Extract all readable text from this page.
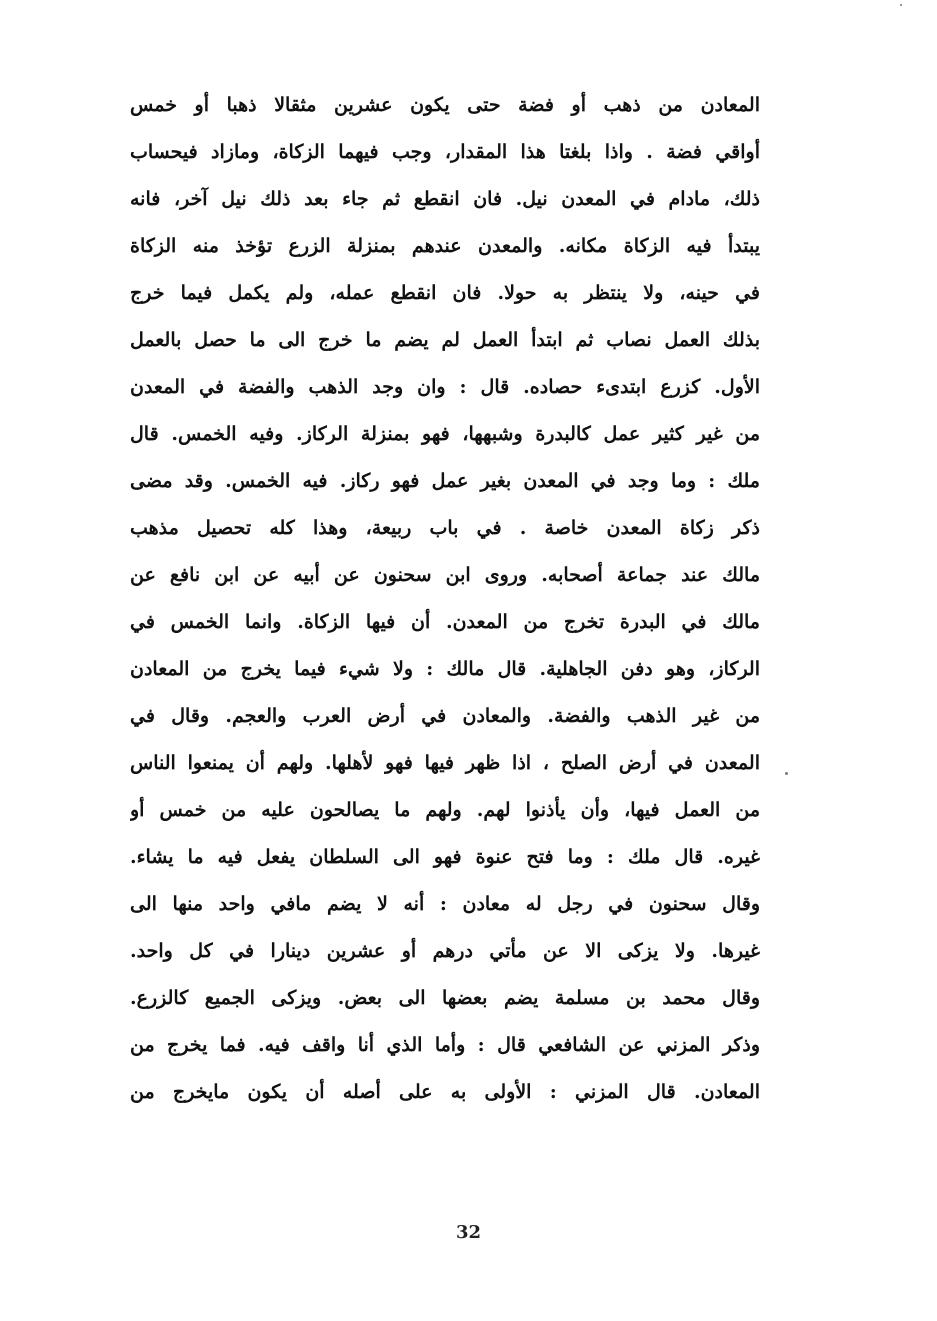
المعادن من ذهب أو فضة حتى يكون عشرين مثقالا ذهبا أو خمس
أواقي فضة . واذا بلغتا هذا المقدار، وجب فيهما الزكاة، ومازاد فيحساب
ذلك، مادام في المعدن نيل. فان انقطع ثم جاء بعد ذلك نيل آخر، فانه
يبتدأ فيه الزكاة مكانه. والمعدن عندهم بمنزلة الزرع تؤخذ منه الزكاة
في حينه، ولا ينتظر به حولا. فان انقطع عمله، ولم يكمل فيما خرج
بذلك العمل نصاب ثم ابتدأ العمل لم يضم ما خرج الى ما حصل بالعمل
الأول. كزرع ابتدىء حصاده. قال : وان وجد الذهب والفضة في المعدن
من غير كثير عمل كالبدرة وشبهها، فهو بمنزلة الركاز. وفيه الخمس. قال
ملك : وما وجد في المعدن بغير عمل فهو ركاز. فيه الخمس. وقد مضى
ذكر زكاة المعدن خاصة . في باب ربيعة، وهذا كله تحصيل مذهب
مالك عند جماعة أصحابه. وروى ابن سحنون عن أبيه عن ابن نافع عن
مالك في البدرة تخرج من المعدن. أن فيها الزكاة. وانما الخمس في
الركاز، وهو دفن الجاهلية. قال مالك : ولا شيء فيما يخرج من المعادن
من غير الذهب والفضة. والمعادن في أرض العرب والعجم. وقال في
المعدن في أرض الصلح ، اذا ظهر فيها فهو لأهلها. ولهم أن يمنعوا الناس
من العمل فيها، وأن يأذنوا لهم. ولهم ما يصالحون عليه من خمس أو
غيره. قال ملك : وما فتح عنوة فهو الى السلطان يفعل فيه ما يشاء.
وقال سحنون في رجل له معادن : أنه لا يضم مافي واحد منها الى
غيرها. ولا يزكى الا عن مأتي درهم أو عشرين دينارا في كل واحد.
وقال محمد بن مسلمة يضم بعضها الى بعض. ويزكى الجميع كالزرع.
وذكر المزني عن الشافعي قال : وأما الذي أنا واقف فيه. فما يخرج من
المعادن. قال المزني : الأولى به على أصله أن يكون مايخرج من
32
